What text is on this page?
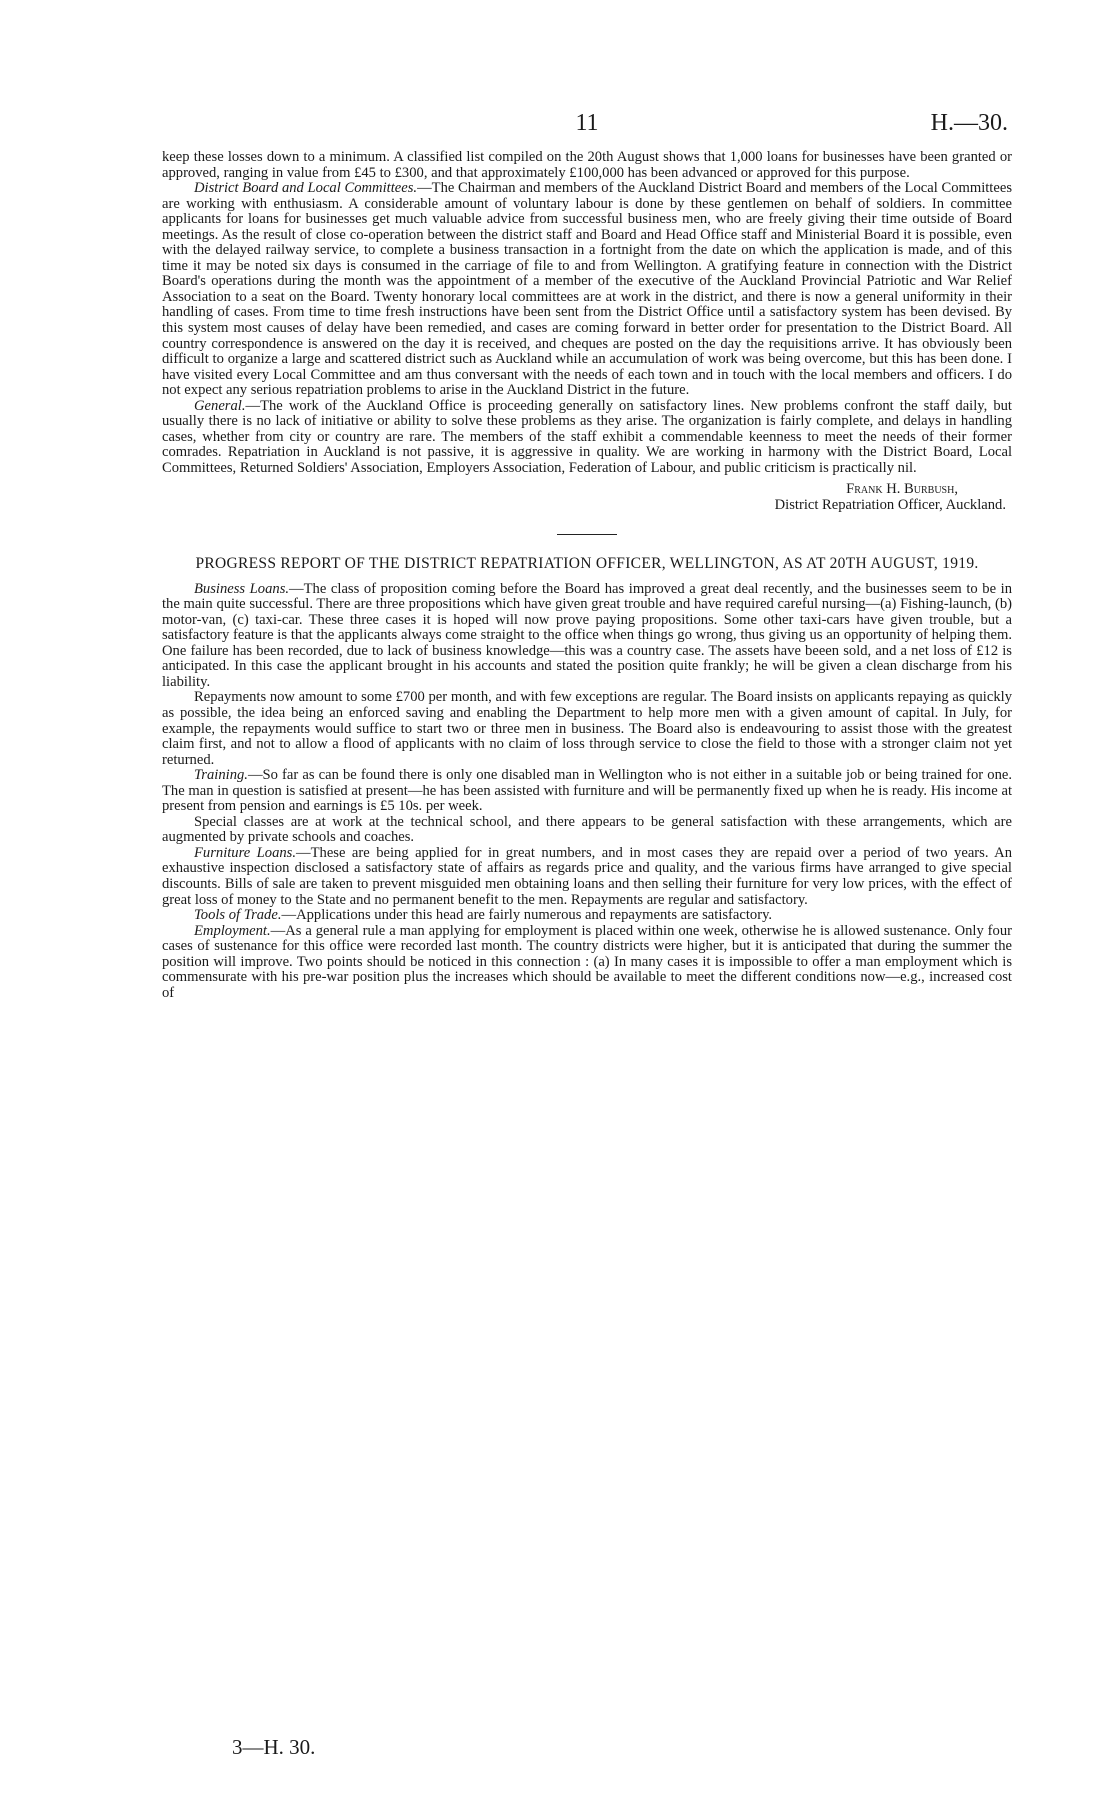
11	H.—30.

keep these losses down to a minimum. A classified list compiled on the 20th August shows that 1,000 loans for businesses have been granted or approved, ranging in value from £45 to £300, and that approximately £100,000 has been advanced or approved for this purpose.

District Board and Local Committees.—The Chairman and members of the Auckland District Board and members of the Local Committees are working with enthusiasm. A considerable amount of voluntary labour is done by these gentlemen on behalf of soldiers. In committee applicants for loans for businesses get much valuable advice from successful business men, who are freely giving their time outside of Board meetings. As the result of close co-operation between the district staff and Board and Head Office staff and Ministerial Board it is possible, even with the delayed railway service, to complete a business transaction in a fortnight from the date on which the application is made, and of this time it may be noted six days is consumed in the carriage of file to and from Wellington. A gratifying feature in connection with the District Board's operations during the month was the appointment of a member of the executive of the Auckland Provincial Patriotic and War Relief Association to a seat on the Board. Twenty honorary local committees are at work in the district, and there is now a general uniformity in their handling of cases. From time to time fresh instructions have been sent from the District Office until a satisfactory system has been devised. By this system most causes of delay have been remedied, and cases are coming forward in better order for presentation to the District Board. All country correspondence is answered on the day it is received, and cheques are posted on the day the requisitions arrive. It has obviously been difficult to organize a large and scattered district such as Auckland while an accumulation of work was being overcome, but this has been done. I have visited every Local Committee and am thus conversant with the needs of each town and in touch with the local members and officers. I do not expect any serious repatriation problems to arise in the Auckland District in the future.

General.—The work of the Auckland Office is proceeding generally on satisfactory lines. New problems confront the staff daily, but usually there is no lack of initiative or ability to solve these problems as they arise. The organization is fairly complete, and delays in handling cases, whether from city or country are rare. The members of the staff exhibit a commendable keenness to meet the needs of their former comrades. Repatriation in Auckland is not passive, it is aggressive in quality. We are working in harmony with the District Board, Local Committees, Returned Soldiers' Association, Employers Association, Federation of Labour, and public criticism is practically nil.

Frank H. Burbush,
District Repatriation Officer, Auckland.
PROGRESS REPORT OF THE DISTRICT REPATRIATION OFFICER, WELLINGTON, AS AT 20TH AUGUST, 1919.

Business Loans.—The class of proposition coming before the Board has improved a great deal recently, and the businesses seem to be in the main quite successful. There are three propositions which have given great trouble and have required careful nursing—(a) Fishing-launch, (b) motor-van, (c) taxi-car. These three cases it is hoped will now prove paying propositions. Some other taxi-cars have given trouble, but a satisfactory feature is that the applicants always come straight to the office when things go wrong, thus giving us an opportunity of helping them. One failure has been recorded, due to lack of business knowledge—this was a country case. The assets have beeen sold, and a net loss of £12 is anticipated. In this case the applicant brought in his accounts and stated the position quite frankly; he will be given a clean discharge from his liability.

Repayments now amount to some £700 per month, and with few exceptions are regular. The Board insists on applicants repaying as quickly as possible, the idea being an enforced saving and enabling the Department to help more men with a given amount of capital. In July, for example, the repayments would suffice to start two or three men in business. The Board also is endeavouring to assist those with the greatest claim first, and not to allow a flood of applicants with no claim of loss through service to close the field to those with a stronger claim not yet returned.

Training.—So far as can be found there is only one disabled man in Wellington who is not either in a suitable job or being trained for one. The man in question is satisfied at present—he has been assisted with furniture and will be permanently fixed up when he is ready. His income at present from pension and earnings is £5 10s. per week.

Special classes are at work at the technical school, and there appears to be general satisfaction with these arrangements, which are augmented by private schools and coaches.

Furniture Loans.—These are being applied for in great numbers, and in most cases they are repaid over a period of two years. An exhaustive inspection disclosed a satisfactory state of affairs as regards price and quality, and the various firms have arranged to give special discounts. Bills of sale are taken to prevent misguided men obtaining loans and then selling their furniture for very low prices, with the effect of great loss of money to the State and no permanent benefit to the men. Repayments are regular and satisfactory.

Tools of Trade.—Applications under this head are fairly numerous and repayments are satisfactory.

Employment.—As a general rule a man applying for employment is placed within one week, otherwise he is allowed sustenance. Only four cases of sustenance for this office were recorded last month. The country districts were higher, but it is anticipated that during the summer the position will improve. Two points should be noticed in this connection : (a) In many cases it is impossible to offer a man employment which is commensurate with his pre-war position plus the increases which should be available to meet the different conditions now—e.g., increased cost of

3—H. 30.
